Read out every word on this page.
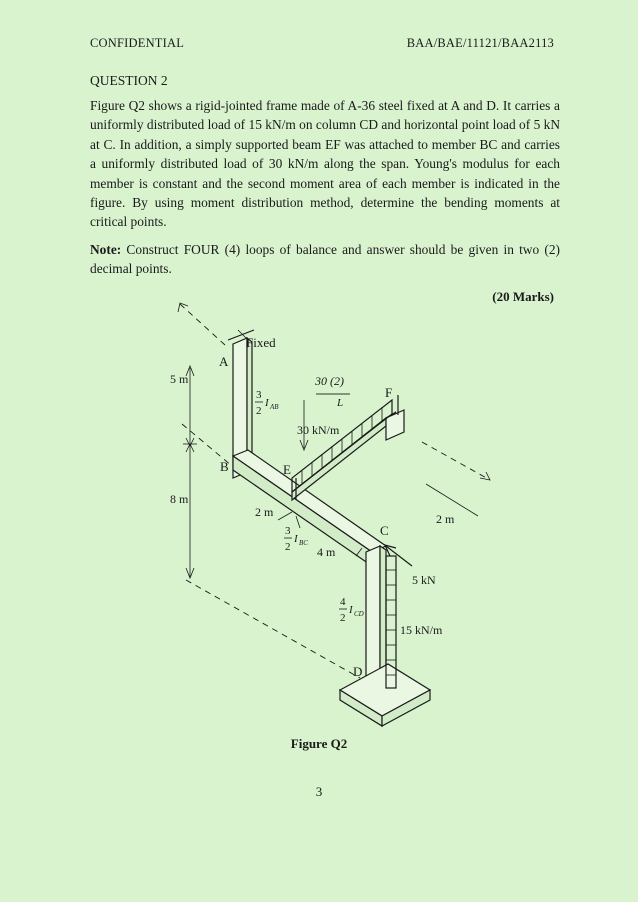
CONFIDENTIAL	BAA/BAE/11121/BAA2113
QUESTION 2

Figure Q2 shows a rigid-jointed frame made of A-36 steel fixed at A and D. It carries a uniformly distributed load of 15 kN/m on column CD and horizontal point load of 5 kN at C. In addition, a simply supported beam EF was attached to member BC and carries a uniformly distributed load of 30 kN/m along the span. Young's modulus for each member is constant and the second moment area of each member is indicated in the figure. By using moment distribution method, determine the bending moments at critical points.

Note: Construct FOUR (4) loops of balance and answer should be given in two (2) decimal points.

(20 Marks)
5 m
8 m
Fixed
A
B	E
F
C
D
2 m
4 m
2 m
30 kN/m
5 kN
15 kN/m
30 (2)
L
3
2
I AB
3
2
I BC
4
2
I CD
Figure Q2
3
